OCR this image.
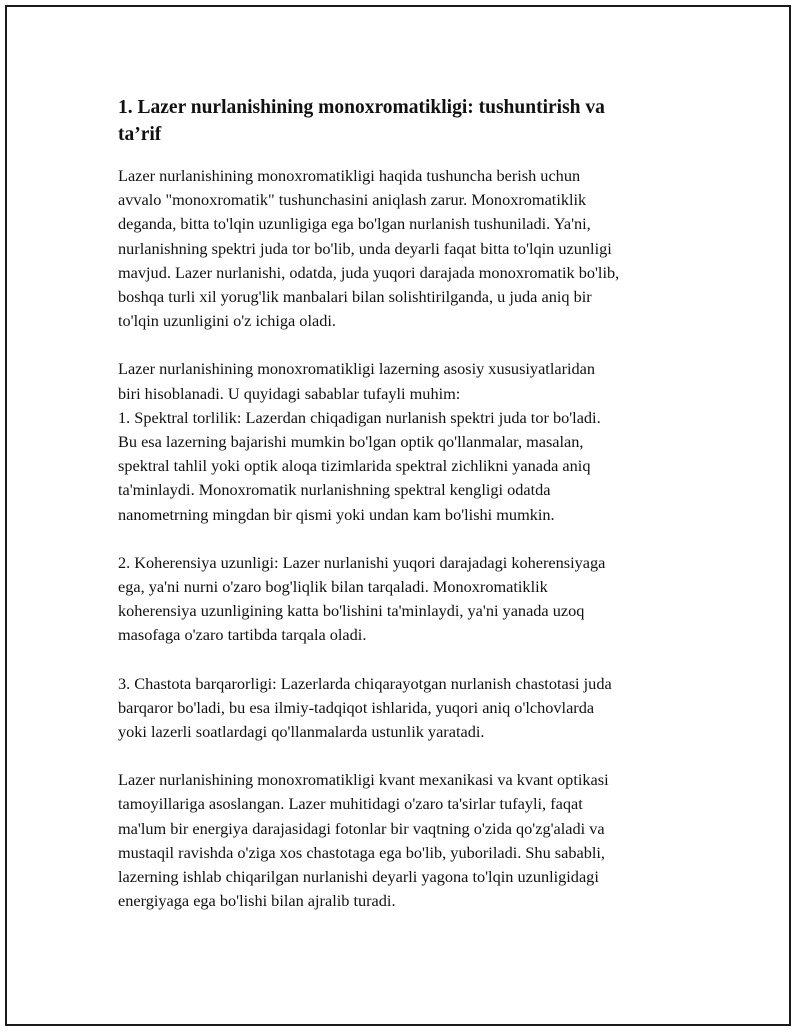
1. Lazer nurlanishining monoxromatikligi: tushuntirish va
ta’rif

Lazer nurlanishining monoxromatikligi haqida tushuncha berish uchun
avvalo "monoxromatik" tushunchasini aniqlash zarur. Monoxromatiklik
deganda, bitta to'lqin uzunligiga ega bo'lgan nurlanish tushuniladi. Ya'ni,
nurlanishning spektri juda tor bo'lib, unda deyarli faqat bitta to'lqin uzunligi
mavjud. Lazer nurlanishi, odatda, juda yuqori darajada monoxromatik bo'lib,
boshqa turli xil yorug'lik manbalari bilan solishtirilganda, u juda aniq bir
to'lqin uzunligini o'z ichiga oladi.

Lazer nurlanishining monoxromatikligi lazerning asosiy xususiyatlaridan
biri hisoblanadi. U quyidagi sabablar tufayli muhim:
1. Spektral torlilik: Lazerdan chiqadigan nurlanish spektri juda tor bo'ladi.
Bu esa lazerning bajarishi mumkin bo'lgan optik qo'llanmalar, masalan,
spektral tahlil yoki optik aloqa tizimlarida spektral zichlikni yanada aniq
ta'minlaydi. Monoxromatik nurlanishning spektral kengligi odatda
nanometrning mingdan bir qismi yoki undan kam bo'lishi mumkin.

2. Koherensiya uzunligi: Lazer nurlanishi yuqori darajadagi koherensiyaga
ega, ya'ni nurni o'zaro bog'liqlik bilan tarqaladi. Monoxromatiklik
koherensiya uzunligining katta bo'lishini ta'minlaydi, ya'ni yanada uzoq
masofaga o'zaro tartibda tarqala oladi.

3. Chastota barqarorligi: Lazerlarda chiqarayotgan nurlanish chastotasi juda
barqaror bo'ladi, bu esa ilmiy-tadqiqot ishlarida, yuqori aniq o'lchovlarda
yoki lazerli soatlardagi qo'llanmalarda ustunlik yaratadi.

Lazer nurlanishining monoxromatikligi kvant mexanikasi va kvant optikasi
tamoyillariga asoslangan. Lazer muhitidagi o'zaro ta'sirlar tufayli, faqat
ma'lum bir energiya darajasidagi fotonlar bir vaqtning o'zida qo'zg'aladi va
mustaqil ravishda o'ziga xos chastotaga ega bo'lib, yuboriladi. Shu sababli,
lazerning ishlab chiqarilgan nurlanishi deyarli yagona to'lqin uzunligidagi
energiyaga ega bo'lishi bilan ajralib turadi.
